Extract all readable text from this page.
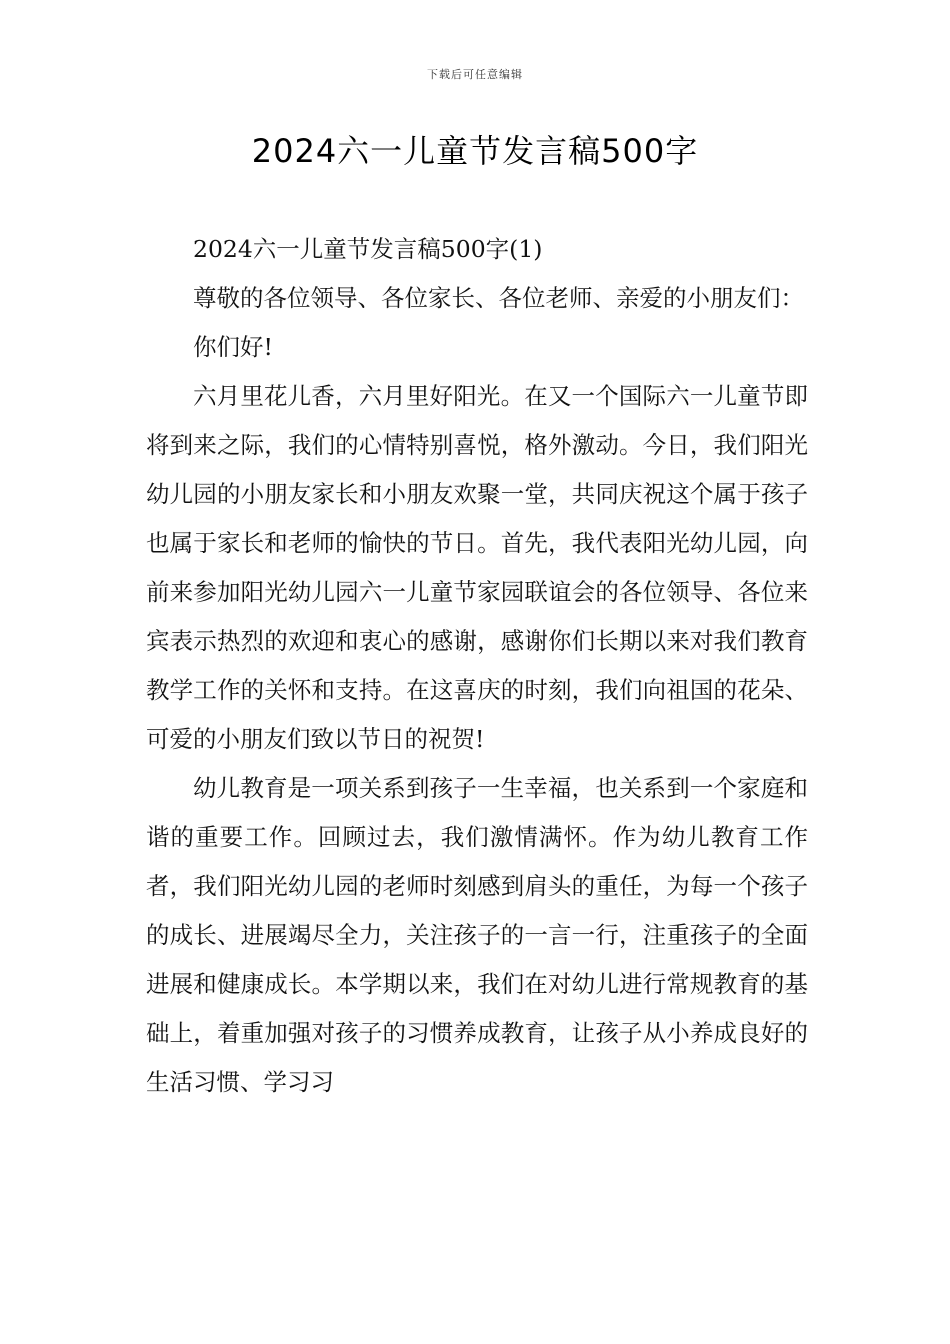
下载后可任意编辑
2024六一儿童节发言稿500字

2024六一儿童节发言稿500字(1)

尊敬的各位领导、各位家长、各位老师、亲爱的小朋友们：

你们好!

六月里花儿香，六月里好阳光。在又一个国际六一儿童节即将到来之际，我们的心情特别喜悦，格外激动。今日，我们阳光幼儿园的小朋友家长和小朋友欢聚一堂，共同庆祝这个属于孩子也属于家长和老师的愉快的节日。首先，我代表阳光幼儿园，向前来参加阳光幼儿园六一儿童节家园联谊会的各位领导、各位来宾表示热烈的欢迎和衷心的感谢，感谢你们长期以来对我们教育教学工作的关怀和支持。在这喜庆的时刻，我们向祖国的花朵、可爱的小朋友们致以节日的祝贺!

幼儿教育是一项关系到孩子一生幸福，也关系到一个家庭和谐的重要工作。回顾过去，我们激情满怀。作为幼儿教育工作者，我们阳光幼儿园的老师时刻感到肩头的重任，为每一个孩子的成长、进展竭尽全力，关注孩子的一言一行，注重孩子的全面进展和健康成长。本学期以来，我们在对幼儿进行常规教育的基础上，着重加强对孩子的习惯养成教育，让孩子从小养成良好的生活习惯、学习习
